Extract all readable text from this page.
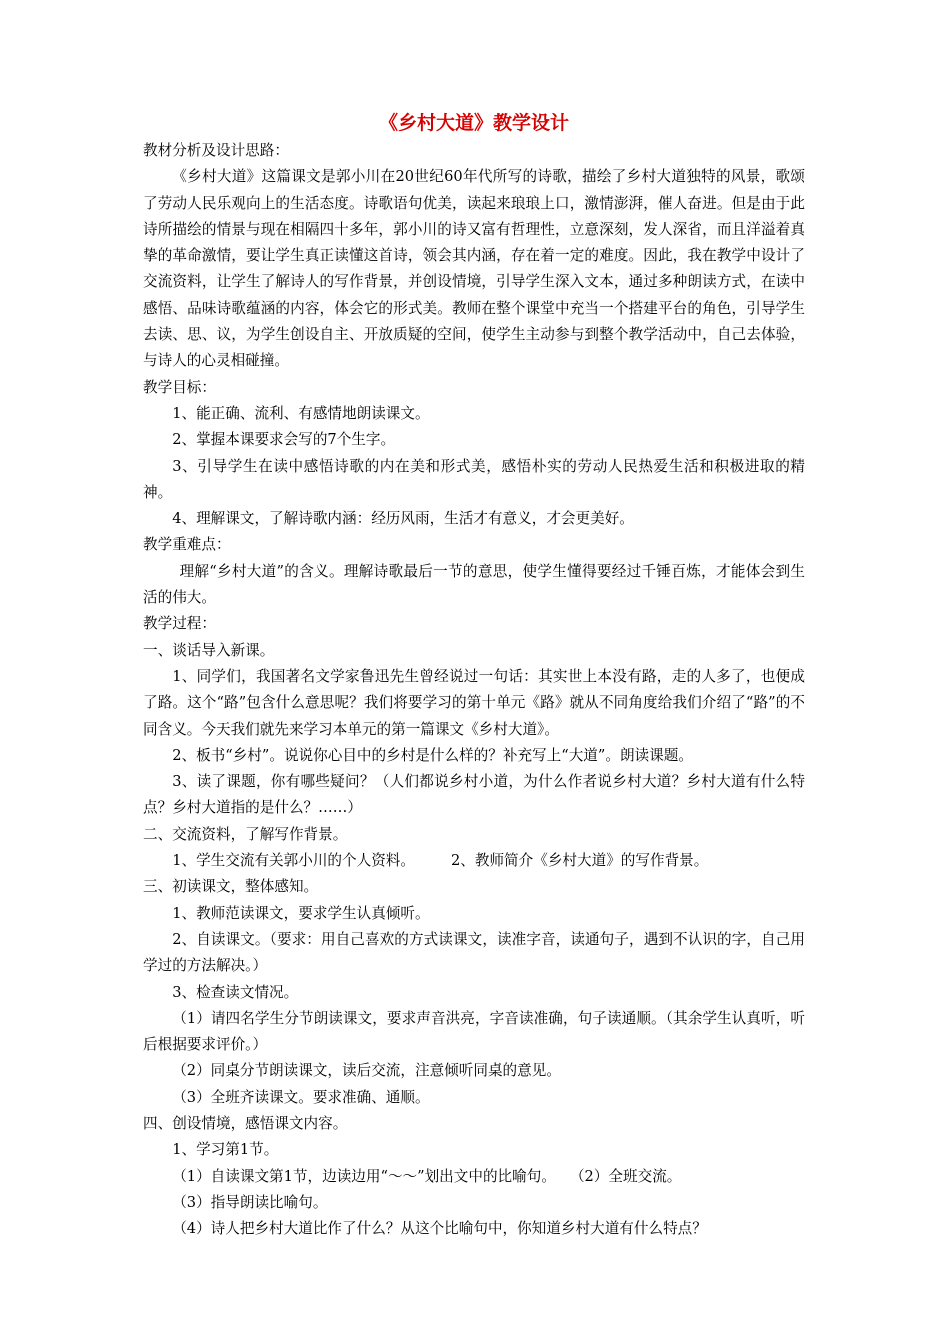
《乡村大道》教学设计

教材分析及设计思路：

《乡村大道》这篇课文是郭小川在20世纪60年代所写的诗歌，描绘了乡村大道独特的风景，歌颂了劳动人民乐观向上的生活态度。诗歌语句优美，读起来琅琅上口，激情澎湃，催人奋进。但是由于此诗所描绘的情景与现在相隔四十多年，郭小川的诗又富有哲理性，立意深刻，发人深省，而且洋溢着真挚的革命激情，要让学生真正读懂这首诗，领会其内涵，存在着一定的难度。因此，我在教学中设计了交流资料，让学生了解诗人的写作背景，并创设情境，引导学生深入文本，通过多种朗读方式，在读中感悟、品味诗歌蕴涵的内容，体会它的形式美。教师在整个课堂中充当一个搭建平台的角色，引导学生去读、思、议，为学生创设自主、开放质疑的空间，使学生主动参与到整个教学活动中，自己去体验，与诗人的心灵相碰撞。

教学目标：

1、能正确、流利、有感情地朗读课文。

2、掌握本课要求会写的7个生字。

3、引导学生在读中感悟诗歌的内在美和形式美，感悟朴实的劳动人民热爱生活和积极进取的精神。

4、理解课文，了解诗歌内涵：经历风雨，生活才有意义，才会更美好。

教学重难点：

理解“乡村大道”的含义。理解诗歌最后一节的意思，使学生懂得要经过千锤百炼，才能体会到生活的伟大。

教学过程：

一、谈话导入新课。

1、同学们，我国著名文学家鲁迅先生曾经说过一句话：其实世上本没有路，走的人多了，也便成了路。这个“路”包含什么意思呢？我们将要学习的第十单元《路》就从不同角度给我们介绍了“路”的不同含义。今天我们就先来学习本单元的第一篇课文《乡村大道》。

2、板书“乡村”。说说你心目中的乡村是什么样的？补充写上“大道”。朗读课题。

3、读了课题，你有哪些疑问？（人们都说乡村小道，为什么作者说乡村大道？乡村大道有什么特点？乡村大道指的是什么？……）

二、交流资料，了解写作背景。

1、学生交流有关郭小川的个人资料。 2、教师简介《乡村大道》的写作背景。

三、初读课文，整体感知。

1、教师范读课文，要求学生认真倾听。

2、自读课文。（要求：用自己喜欢的方式读课文，读准字音，读通句子，遇到不认识的字，自己用学过的方法解决。）

3、检查读文情况。

（1）请四名学生分节朗读课文，要求声音洪亮，字音读准确，句子读通顺。（其余学生认真听，听后根据要求评价。）

（2）同桌分节朗读课文，读后交流，注意倾听同桌的意见。

（3）全班齐读课文。要求准确、通顺。

四、创设情境，感悟课文内容。

1、学习第1节。

（1）自读课文第1节，边读边用“～～”划出文中的比喻句。 （2）全班交流。

（3）指导朗读比喻句。

（4）诗人把乡村大道比作了什么？从这个比喻句中，你知道乡村大道有什么特点？
